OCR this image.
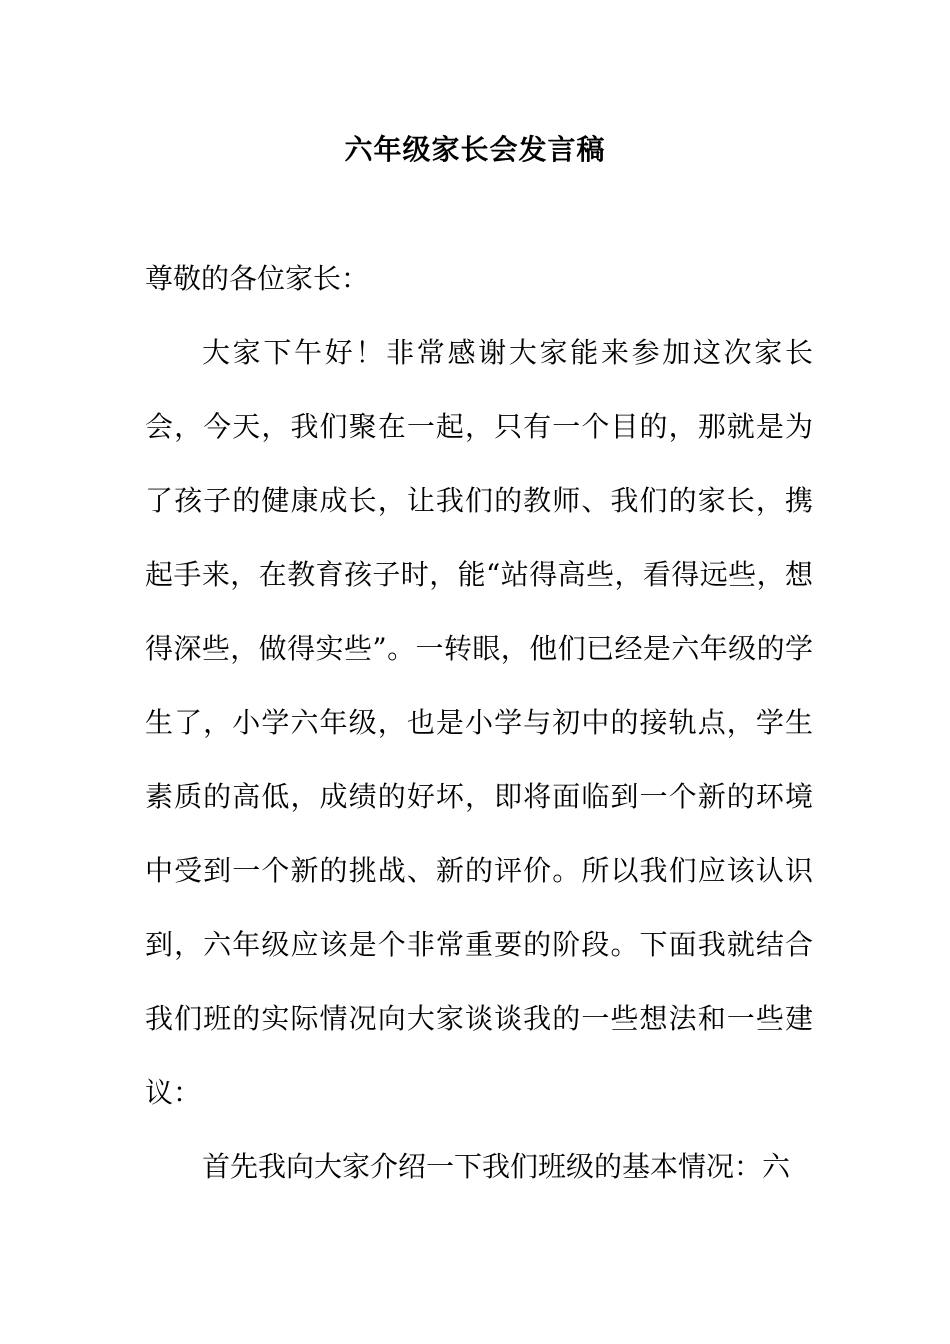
六年级家长会发言稿

尊敬的各位家长：

大家下午好！非常感谢大家能来参加这次家长会，今天，我们聚在一起，只有一个目的，那就是为了孩子的健康成长，让我们的教师、我们的家长，携起手来，在教育孩子时，能“站得高些，看得远些，想得深些，做得实些”。一转眼，他们已经是六年级的学生了，小学六年级，也是小学与初中的接轨点，学生素质的高低，成绩的好坏，即将面临到一个新的环境中受到一个新的挑战、新的评价。所以我们应该认识到，六年级应该是个非常重要的阶段。下面我就结合我们班的实际情况向大家谈谈我的一些想法和一些建议：

首先我向大家介绍一下我们班级的基本情况：六
